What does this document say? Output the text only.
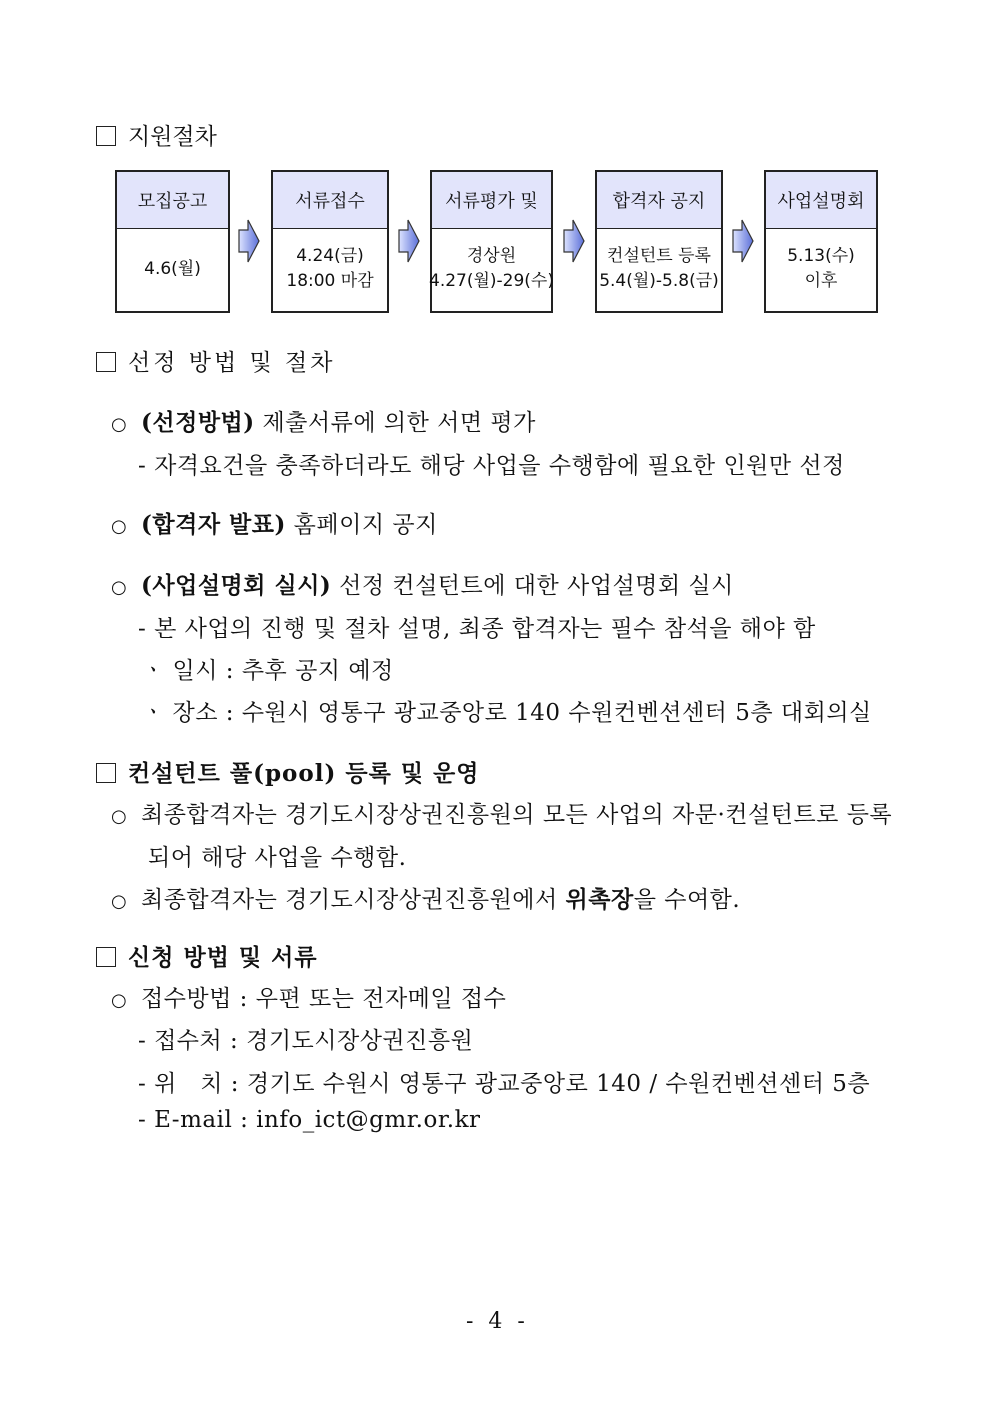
지원절차
모집공고
4.6(월)
서류접수
4.24(금)
18:00 마감
서류평가 및
경상원
4.27(월)-29(수)
합격자 공지
컨설턴트 등록
5.4(월)-5.8(금)
사업설명회
5.13(수)
이후
선정 방법 및 절차
○ (선정방법) 제출서류에 의한 서면 평가
- 자격요건을 충족하더라도 해당 사업을 수행함에 필요한 인원만 선정
○ (합격자 발표) 홈페이지 공지
○ (사업설명회 실시) 선정 컨설턴트에 대한 사업설명회 실시
- 본 사업의 진행 및 절차 설명, 최종 합격자는 필수 참석을 해야 함
ㆍ 일시 : 추후 공지 예정
ㆍ 장소 : 수원시 영통구 광교중앙로 140 수원컨벤션센터 5층 대회의실
컨설턴트 풀(pool) 등록 및 운영
○ 최종합격자는 경기도시장상권진흥원의 모든 사업의 자문·컨설턴트로 등록
되어 해당 사업을 수행함.
○ 최종합격자는 경기도시장상권진흥원에서 위촉장을 수여함.
신청 방법 및 서류
○ 접수방법 : 우편 또는 전자메일 접수
- 접수처 : 경기도시장상권진흥원
- 위   치 : 경기도 수원시 영통구 광교중앙로 140 / 수원컨벤션센터 5층
- E-mail : info_ict@gmr.or.kr
- 4 -
